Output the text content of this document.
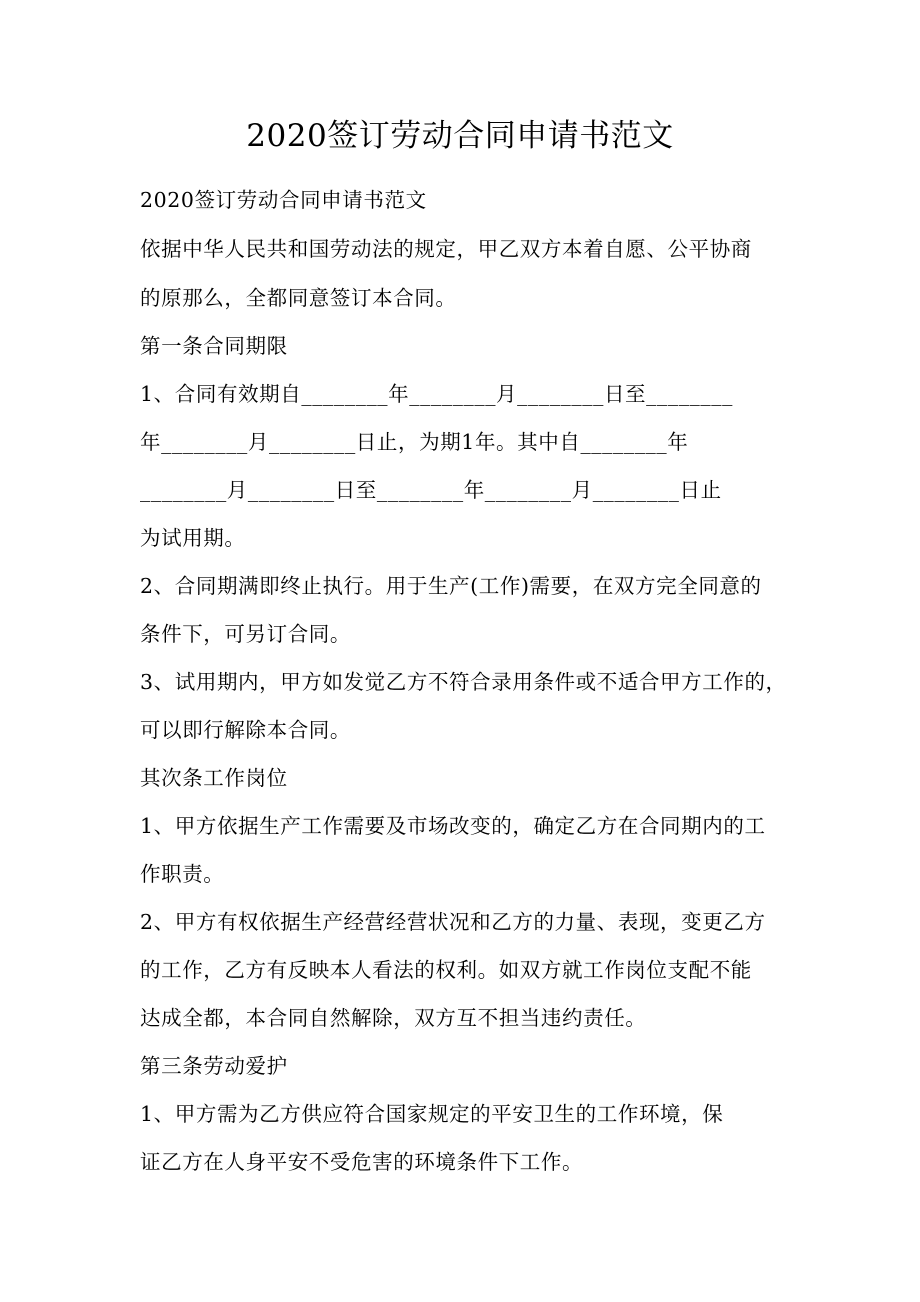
2020签订劳动合同申请书范文
2020签订劳动合同申请书范文
依据中华人民共和国劳动法的规定，甲乙双方本着自愿、公平协商
的原那么，全都同意签订本合同。
第一条合同期限
1、合同有效期自________年________月________日至________
年________月________日止，为期1年。其中自________年
________月________日至________年________月________日止
为试用期。
2、合同期满即终止执行。用于生产(工作)需要，在双方完全同意的
条件下，可另订合同。
3、试用期内，甲方如发觉乙方不符合录用条件或不适合甲方工作的，
可以即行解除本合同。
其次条工作岗位
1、甲方依据生产工作需要及市场改变的，确定乙方在合同期内的工
作职责。
2、甲方有权依据生产经营经营状况和乙方的力量、表现，变更乙方
的工作，乙方有反映本人看法的权利。如双方就工作岗位支配不能
达成全都，本合同自然解除，双方互不担当违约责任。
第三条劳动爱护
1、甲方需为乙方供应符合国家规定的平安卫生的工作环境，保
证乙方在人身平安不受危害的环境条件下工作。
